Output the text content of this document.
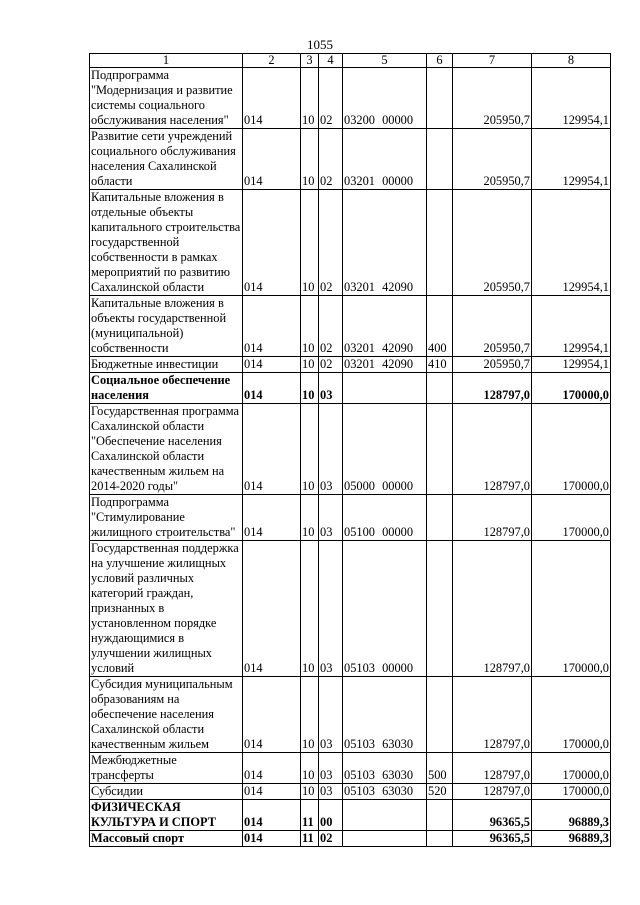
1055
1	2	3	4	5	6	7	8
Подпрограмма "Модернизация и развитие системы социального обслуживания населения"	014	10	02	03200 00000		205950,7	129954,1
Развитие сети учреждений социального обслуживания населения Сахалинской области	014	10	02	03201 00000		205950,7	129954,1
Капитальные вложения в отдельные объекты капитального строительства государственной собственности в рамках мероприятий по развитию Сахалинской области	014	10	02	03201 42090		205950,7	129954,1
Капитальные вложения в объекты государственной (муниципальной) собственности	014	10	02	03201 42090	400	205950,7	129954,1
Бюджетные инвестиции	014	10	02	03201 42090	410	205950,7	129954,1
Социальное обеспечение населения	014	10	03			128797,0	170000,0
Государственная программа Сахалинской области "Обеспечение населения Сахалинской области качественным жильем на 2014-2020 годы"	014	10	03	05000 00000		128797,0	170000,0
Подпрограмма "Стимулирование жилищного строительства"	014	10	03	05100 00000		128797,0	170000,0
Государственная поддержка на улучшение жилищных условий различных категорий граждан, признанных в установленном порядке нуждающимися в улучшении жилищных условий	014	10	03	05103 00000		128797,0	170000,0
Субсидия муниципальным образованиям на обеспечение населения Сахалинской области качественным жильем	014	10	03	05103 63030		128797,0	170000,0
Межбюджетные трансферты	014	10	03	05103 63030	500	128797,0	170000,0
Субсидии	014	10	03	05103 63030	520	128797,0	170000,0
ФИЗИЧЕСКАЯ КУЛЬТУРА И СПОРТ	014	11	00			96365,5	96889,3
Массовый спорт	014	11	02			96365,5	96889,3
